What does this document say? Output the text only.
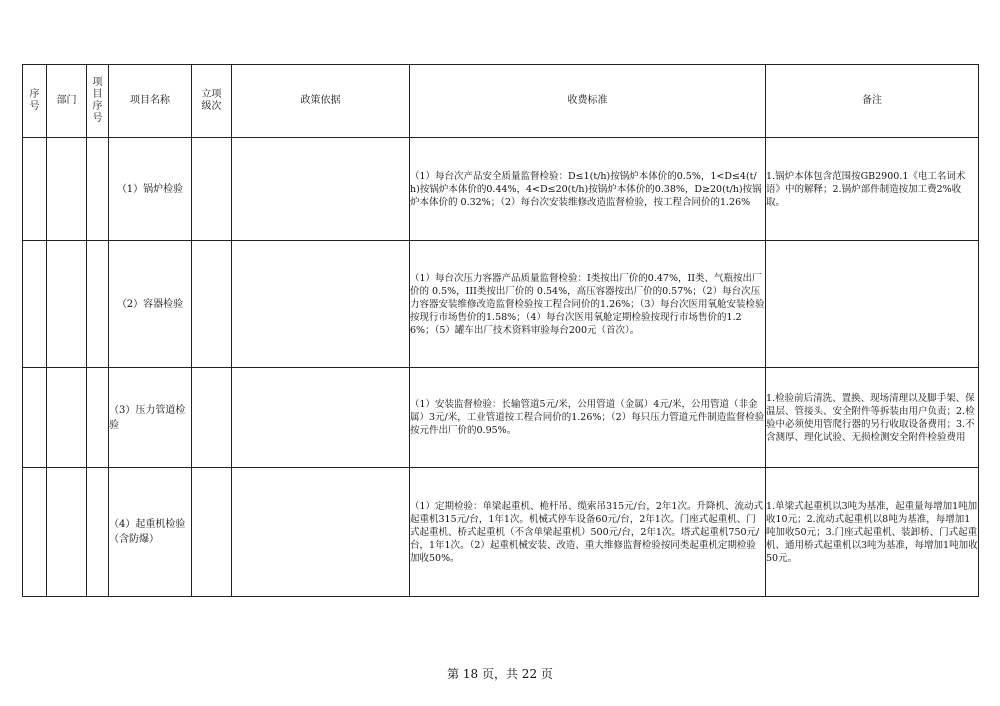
序号	部门	项目序号	项目名称	立项级次	政策依据	收费标准	备注
			（1）锅炉检验			（1）每台次产品安全质量监督检验：D≤1(t/h)按锅炉本体价的0.5%，1<D≤4(t/h)按锅炉本体价的0.44%，4<D≤20(t/h)按锅炉本体价的0.38%，D≥20(t/h)按锅炉本体价的 0.32%；（2）每台次安装维修改造监督检验，按工程合同价的1.26%	1.锅炉本体包含范围按GB2900.1《电工名词术语》中的解释；2.锅炉部件制造按加工费2%收取。
			（2）容器检验			（1）每台次压力容器产品质量监督检验：I类按出厂价的0.47%，II类、气瓶按出厂价的 0.5%，III类按出厂价的 0.54%，高压容器按出厂价的0.57%；（2）每台次压力容器安装维修改造监督检验按工程合同价的1.26%；（3）每台次医用氧舱安装检验按现行市场售价的1.58%；（4）每台次医用氧舱定期检验按现行市场售价的1.26%；（5）罐车出厂技术资料审验每台200元（首次）。	
			（3）压力管道检验			（1）安装监督检验：长输管道5元/米，公用管道（金属）4元/米，公用管道（非金属）3元/米，工业管道按工程合同价的1.26%；（2）每只压力管道元件制造监督检验按元件出厂价的0.95%。	1.检验前后清洗、置换、现场清理以及脚手架、保温层、管接头、安全附件等拆装由用户负责；2.检验中必须使用管爬行器的另行收取设备费用；3.不含测厚、理化试验、无损检测安全附件检验费用
			（4）起重机检验（含防爆）			（1）定期检验：单梁起重机、桅杆吊、缆索吊315元/台，2年1次。升降机、流动式起重机315元/台，1年1次。机械式停车设备60元/台，2年1次。门座式起重机、门式起重机、桥式起重机（不含单梁起重机）500元/台，2年1次。塔式起重机750元/台，1年1次。（2）起重机械安装、改造、重大维修监督检验按同类起重机定期检验加收50%。	1.单梁式起重机以3吨为基准，起重量每增加1吨加收10元；2.流动式起重机以8吨为基准，每增加1吨加收50元；3.门座式起重机、装卸桥、门式起重机、通用桥式起重机以3吨为基准，每增加1吨加收50元。
第 18 页，共 22 页
